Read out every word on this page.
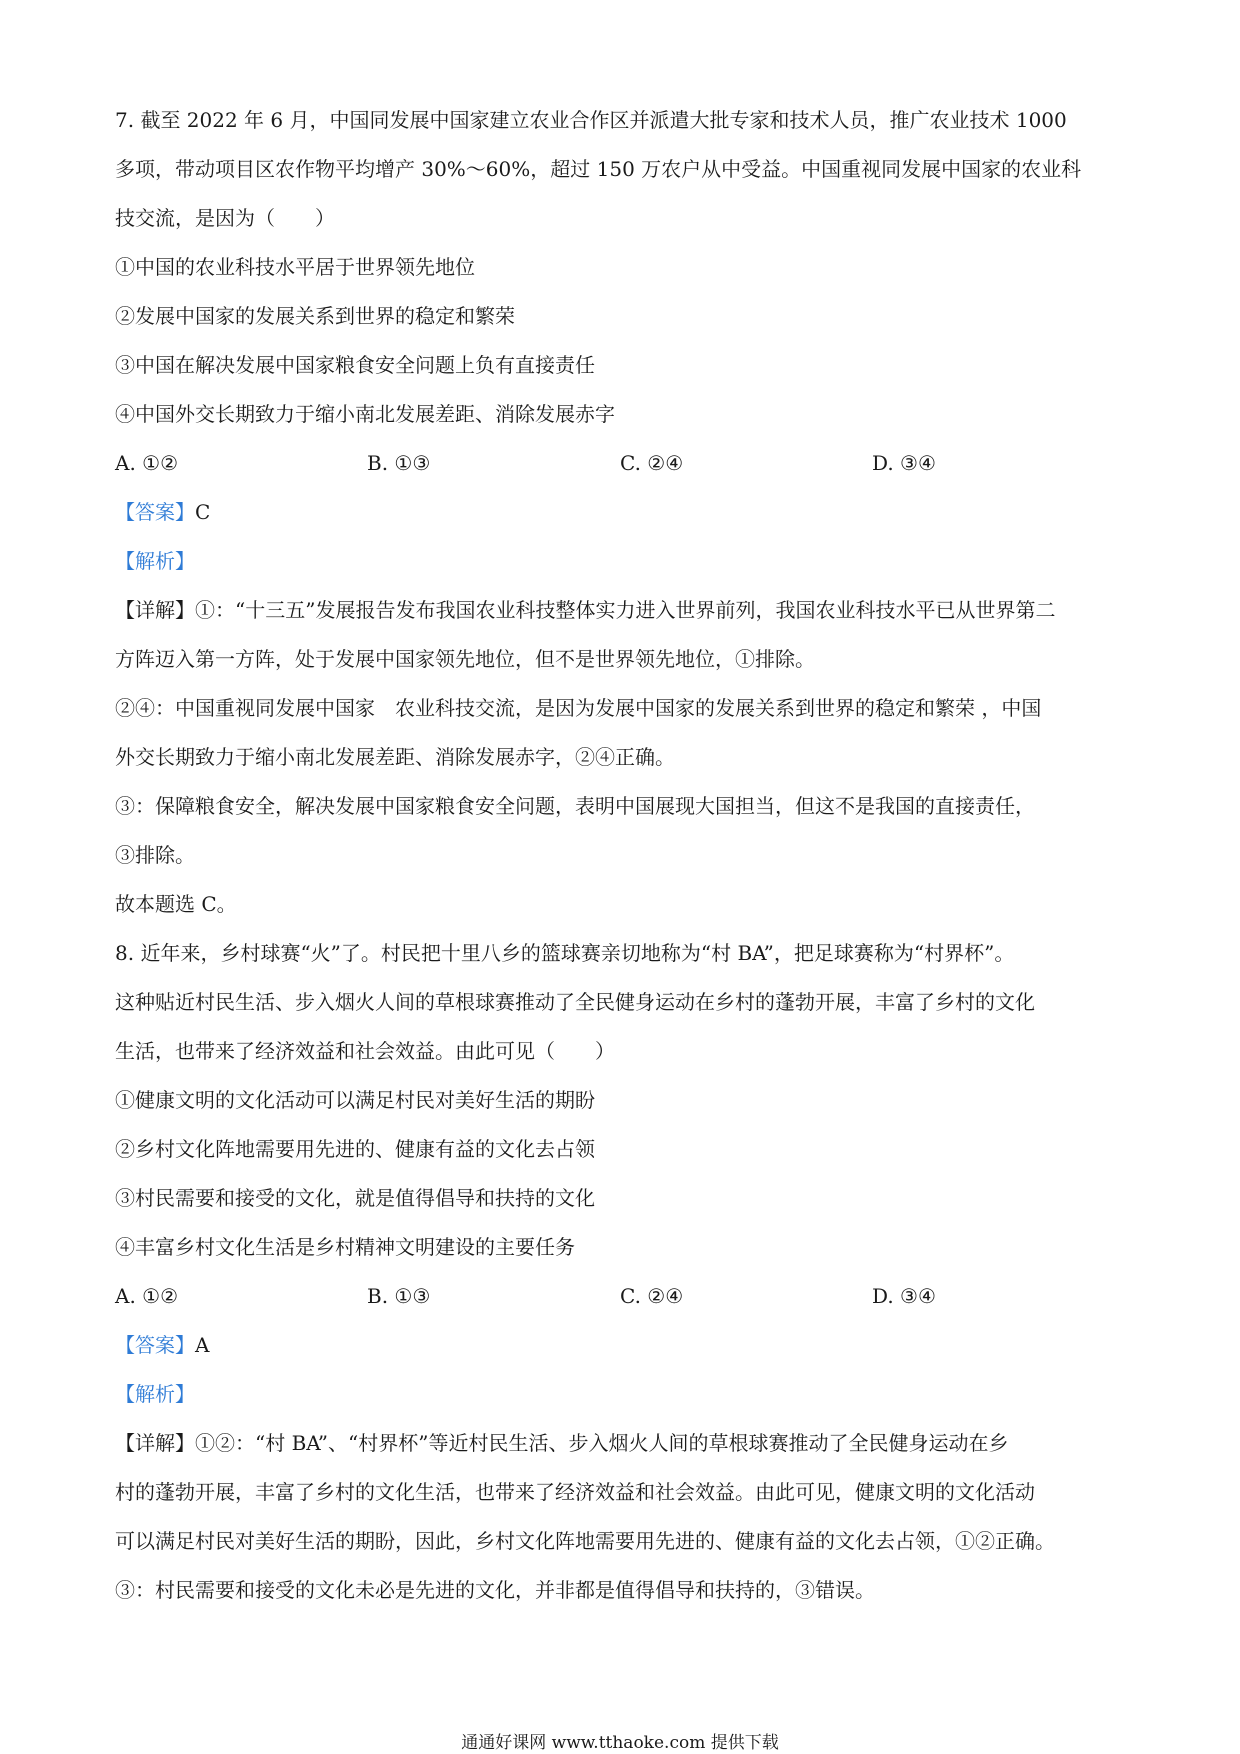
7. 截至 2022 年 6 月，中国同发展中国家建立农业合作区并派遣大批专家和技术人员，推广农业技术 1000
多项，带动项目区农作物平均增产 30%～60%，超过 150 万农户从中受益。中国重视同发展中国家的农业科
技交流，是因为（　　）
①中国的农业科技水平居于世界领先地位
②发展中国家的发展关系到世界的稳定和繁荣
③中国在解决发展中国家粮食安全问题上负有直接责任
④中国外交长期致力于缩小南北发展差距、消除发展赤字
A. ①②	B. ①③	C. ②④	D. ③④
【答案】C
【解析】
【详解】①：“十三五”发展报告发布我国农业科技整体实力进入世界前列，我国农业科技水平已从世界第二
方阵迈入第一方阵，处于发展中国家领先地位，但不是世界领先地位，①排除。
②④：中国重视同发展中国家　农业科技交流，是因为发展中国家的发展关系到世界的稳定和繁荣 ，中国
外交长期致力于缩小南北发展差距、消除发展赤字，②④正确。
③：保障粮食安全，解决发展中国家粮食安全问题，表明中国展现大国担当，但这不是我国的直接责任，
③排除。
故本题选 C。
8. 近年来，乡村球赛“火”了。村民把十里八乡的篮球赛亲切地称为“村 BA”，把足球赛称为“村界杯”。
这种贴近村民生活、步入烟火人间的草根球赛推动了全民健身运动在乡村的蓬勃开展，丰富了乡村的文化
生活，也带来了经济效益和社会效益。由此可见（　　）
①健康文明的文化活动可以满足村民对美好生活的期盼
②乡村文化阵地需要用先进的、健康有益的文化去占领
③村民需要和接受的文化，就是值得倡导和扶持的文化
④丰富乡村文化生活是乡村精神文明建设的主要任务
A. ①②	B. ①③	C. ②④	D. ③④
【答案】A
【解析】
【详解】①②：“村 BA”、“村界杯”等近村民生活、步入烟火人间的草根球赛推动了全民健身运动在乡
村的蓬勃开展，丰富了乡村的文化生活，也带来了经济效益和社会效益。由此可见，健康文明的文化活动
可以满足村民对美好生活的期盼，因此，乡村文化阵地需要用先进的、健康有益的文化去占领，①②正确。
③：村民需要和接受的文化未必是先进的文化，并非都是值得倡导和扶持的，③错误。
通通好课网 www.tthaoke.com 提供下载
